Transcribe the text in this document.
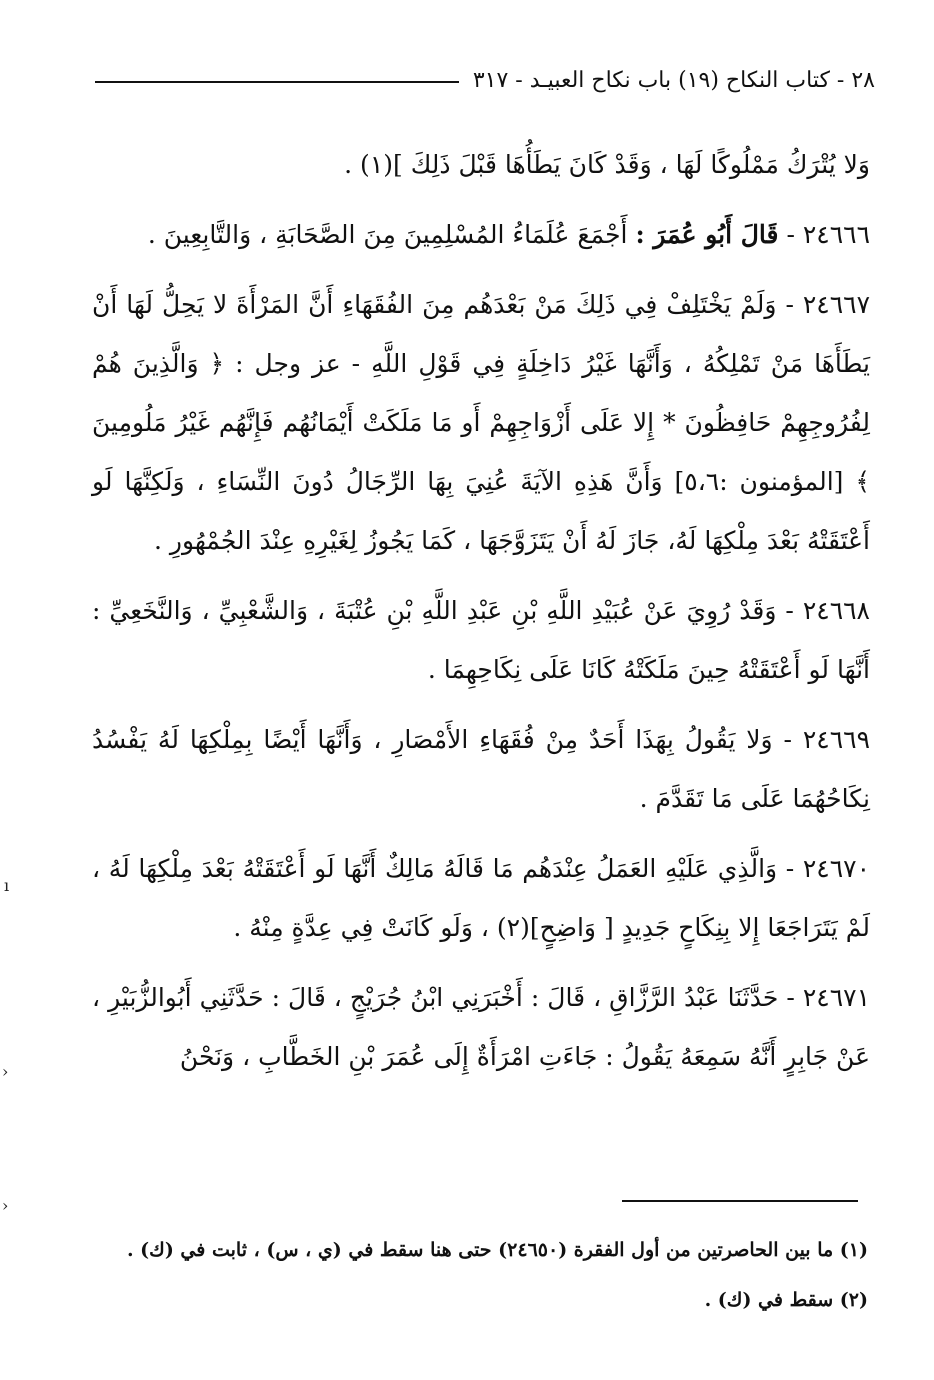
٢٨ - كتاب النكاح (١٩) باب نكاح العبيـد - ٣١٧

وَلا يُتْرَكُ مَمْلُوكًا لَهَا ، وَقَدْ كَانَ يَطَأُهَا قَبْلَ ذَلِكَ ](١) .

٢٤٦٦٦ - قَالَ أَبُو عُمَرَ : أَجْمَعَ عُلَمَاءُ المُسْلِمِينَ مِنَ الصَّحَابَةِ ، وَالتَّابِعِينَ .

٢٤٦٦٧ - وَلَمْ يَخْتَلِفْ فِي ذَلِكَ مَنْ بَعْدَهُم مِنَ الفُقَهَاءِ أَنَّ المَرْأَةَ لا يَحِلُّ لَهَا أَنْ يَطَأَهَا مَنْ تَمْلِكُهُ ، وَأَنَّهَا غَيْرُ دَاخِلَةٍ فِي قَوْلِ اللَّهِ - عز وجل : ﴿ وَالَّذِينَ هُمْ لِفُرُوجِهِمْ حَافِظُونَ * إِلا عَلَى أَزْوَاجِهِمْ أَو مَا مَلَكَتْ أَيْمَانُهُم فَإِنَّهُم غَيْرُ مَلُومِينَ ﴾ [المؤمنون :٥،٦] وَأَنَّ هَذِهِ الآيَةَ عُنِيَ بِهَا الرِّجَالُ دُونَ النِّسَاءِ ، وَلَكِنَّهَا لَو أَعْتَقَتْهُ بَعْدَ مِلْكِهَا لَهُ، جَازَ لَهُ أَنْ يَتَزَوَّجَهَا ، كَمَا يَجُوزُ لِغَيْرِهِ عِنْدَ الجُمْهُورِ .

٢٤٦٦٨ - وَقَدْ رُوِيَ عَنْ عُبَيْدِ اللَّهِ بْنِ عَبْدِ اللَّهِ بْنِ عُتْبَةَ ، وَالشَّعْبِيِّ ، وَالنَّخَعِيِّ : أَنَّهَا لَو أَعْتَقَتْهُ حِينَ مَلَكَتْهُ كَانَا عَلَى نِكَاحِهِمَا .

٢٤٦٦٩ - وَلا يَقُولُ بِهَذَا أَحَدٌ مِنْ فُقَهَاءِ الأَمْصَارِ ، وَأَنَّهَا أَيْضًا بِمِلْكِهَا لَهُ يَفْسُدُ نِكَاحُهُمَا عَلَى مَا تَقَدَّمَ .

٢٤٦٧٠ - وَالَّذِي عَلَيْهِ العَمَلُ عِنْدَهُم مَا قَالَهُ مَالِكٌ أَنَّهَا لَو أَعْتَقَتْهُ بَعْدَ مِلْكِهَا لَهُ ، لَمْ يَتَرَاجَعَا إِلا بِنِكَاحٍ جَدِيدٍ [ وَاضِحٍ](٢) ، وَلَو كَانَتْ فِي عِدَّةٍ مِنْهُ .

٢٤٦٧١ - حَدَّثَنَا عَبْدُ الرَّزَّاقِ ، قَالَ : أَخْبَرَنِي ابْنُ جُرَيْجٍ ، قَالَ : حَدَّثَنِي أَبُوالزُّبَيْرِ ، عَنْ جَابِرٍ أَنَّهُ سَمِعَهُ يَقُولُ : جَاءَتِ امْرَأَةٌ إِلَى عُمَرَ بْنِ الخَطَّابِ ، وَنَحْنُ

(١) ما بين الحاصرتين من أول الفقرة (٢٤٦٥٠) حتى هنا سقط في (ي ، س) ، ثابت في (ك) .

(٢) سقط في (ك) .

ı
‹
‹
